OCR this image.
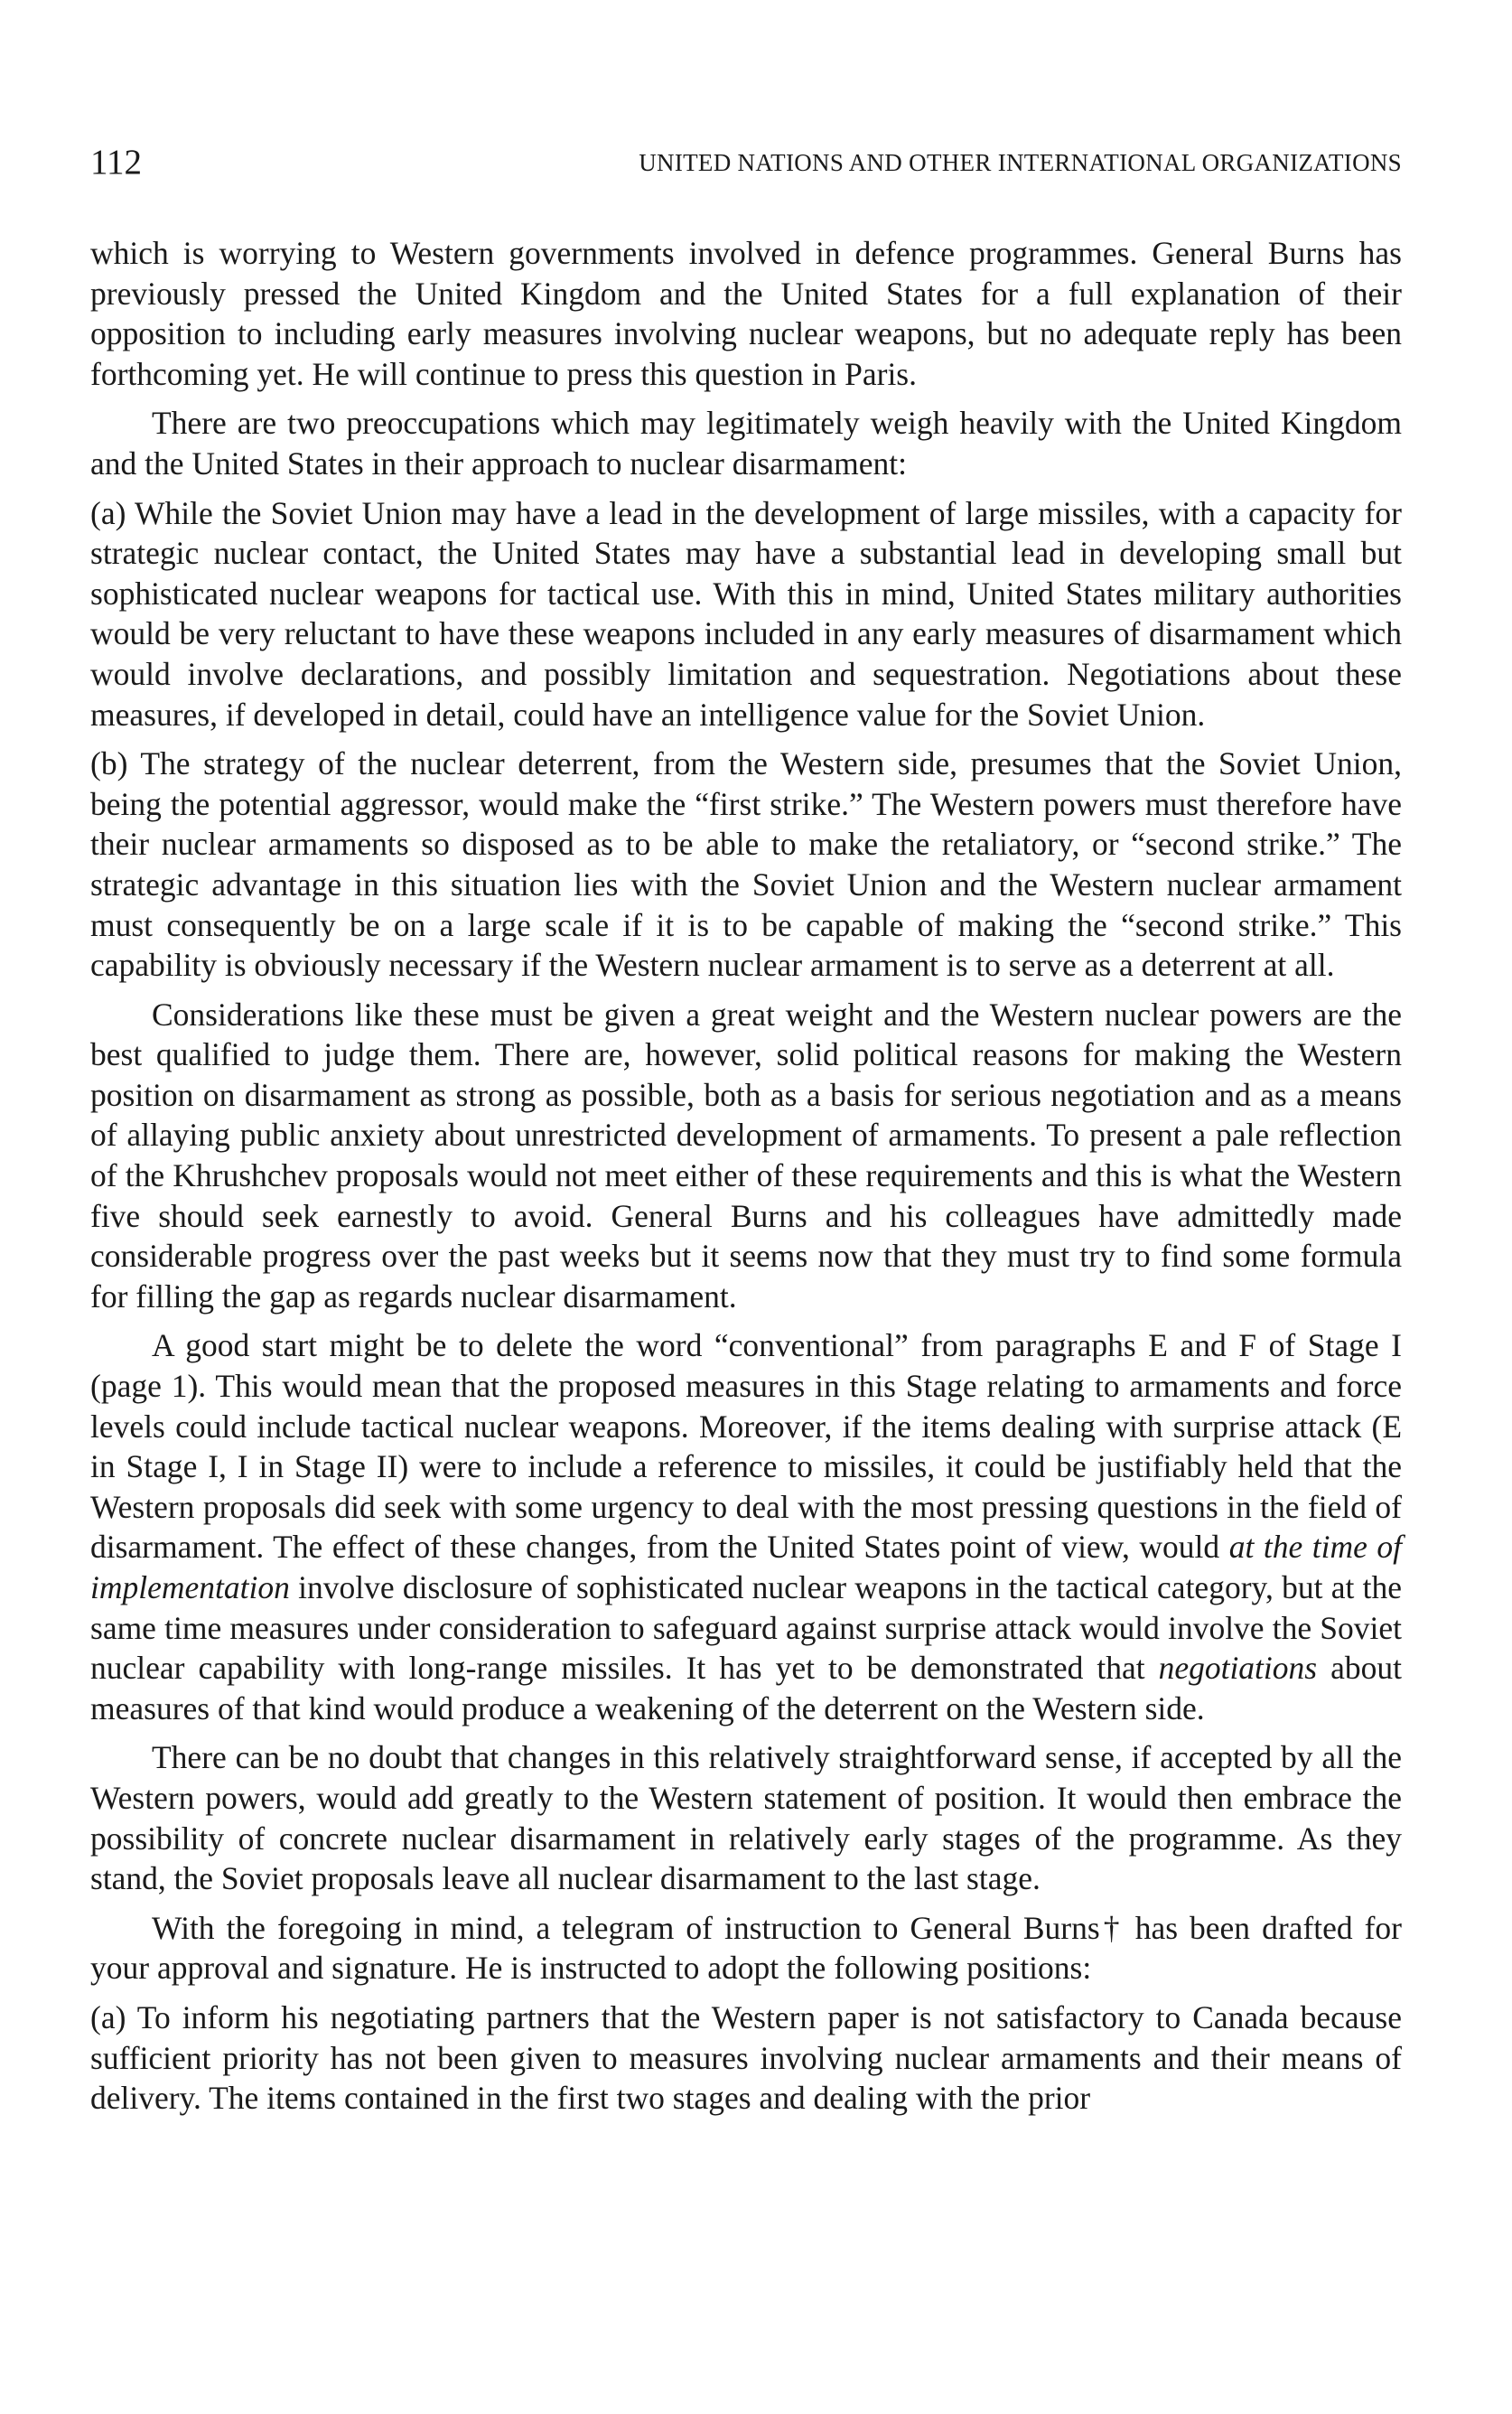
112	UNITED NATIONS AND OTHER INTERNATIONAL ORGANIZATIONS

which is worrying to Western governments involved in defence programmes. General Burns has previously pressed the United Kingdom and the United States for a full explanation of their opposition to including early measures involving nuclear weapons, but no adequate reply has been forthcoming yet. He will continue to press this question in Paris.

There are two preoccupations which may legitimately weigh heavily with the United Kingdom and the United States in their approach to nuclear disarmament:

(a) While the Soviet Union may have a lead in the development of large missiles, with a capacity for strategic nuclear contact, the United States may have a substantial lead in developing small but sophisticated nuclear weapons for tactical use. With this in mind, United States military authorities would be very reluctant to have these weapons included in any early measures of disarmament which would involve declarations, and possibly limitation and sequestration. Negotiations about these measures, if developed in detail, could have an intelligence value for the Soviet Union.

(b) The strategy of the nuclear deterrent, from the Western side, presumes that the Soviet Union, being the potential aggressor, would make the “first strike.” The Western powers must therefore have their nuclear armaments so disposed as to be able to make the retaliatory, or “second strike.” The strategic advantage in this situation lies with the Soviet Union and the Western nuclear armament must consequently be on a large scale if it is to be capable of making the “second strike.” This capability is obviously necessary if the Western nuclear armament is to serve as a deterrent at all.

Considerations like these must be given a great weight and the Western nuclear powers are the best qualified to judge them. There are, however, solid political reasons for making the Western position on disarmament as strong as possible, both as a basis for serious negotiation and as a means of allaying public anxiety about unrestricted development of armaments. To present a pale reflection of the Khrushchev proposals would not meet either of these requirements and this is what the Western five should seek earnestly to avoid. General Burns and his colleagues have admittedly made considerable progress over the past weeks but it seems now that they must try to find some formula for filling the gap as regards nuclear disarmament.

A good start might be to delete the word “conventional” from paragraphs E and F of Stage I (page 1). This would mean that the proposed measures in this Stage relating to armaments and force levels could include tactical nuclear weapons. Moreover, if the items dealing with surprise attack (E in Stage I, I in Stage II) were to include a reference to missiles, it could be justifiably held that the Western proposals did seek with some urgency to deal with the most pressing questions in the field of disarmament. The effect of these changes, from the United States point of view, would at the time of implementation involve disclosure of sophisticated nuclear weapons in the tactical category, but at the same time measures under consideration to safeguard against surprise attack would involve the Soviet nuclear capability with long-range missiles. It has yet to be demonstrated that negotiations about measures of that kind would produce a weakening of the deterrent on the Western side.

There can be no doubt that changes in this relatively straightforward sense, if accepted by all the Western powers, would add greatly to the Western statement of position. It would then embrace the possibility of concrete nuclear disarmament in relatively early stages of the programme. As they stand, the Soviet proposals leave all nuclear disarmament to the last stage.

With the foregoing in mind, a telegram of instruction to General Burns† has been drafted for your approval and signature. He is instructed to adopt the following positions:

(a) To inform his negotiating partners that the Western paper is not satisfactory to Canada because sufficient priority has not been given to measures involving nuclear armaments and their means of delivery. The items contained in the first two stages and dealing with the prior
